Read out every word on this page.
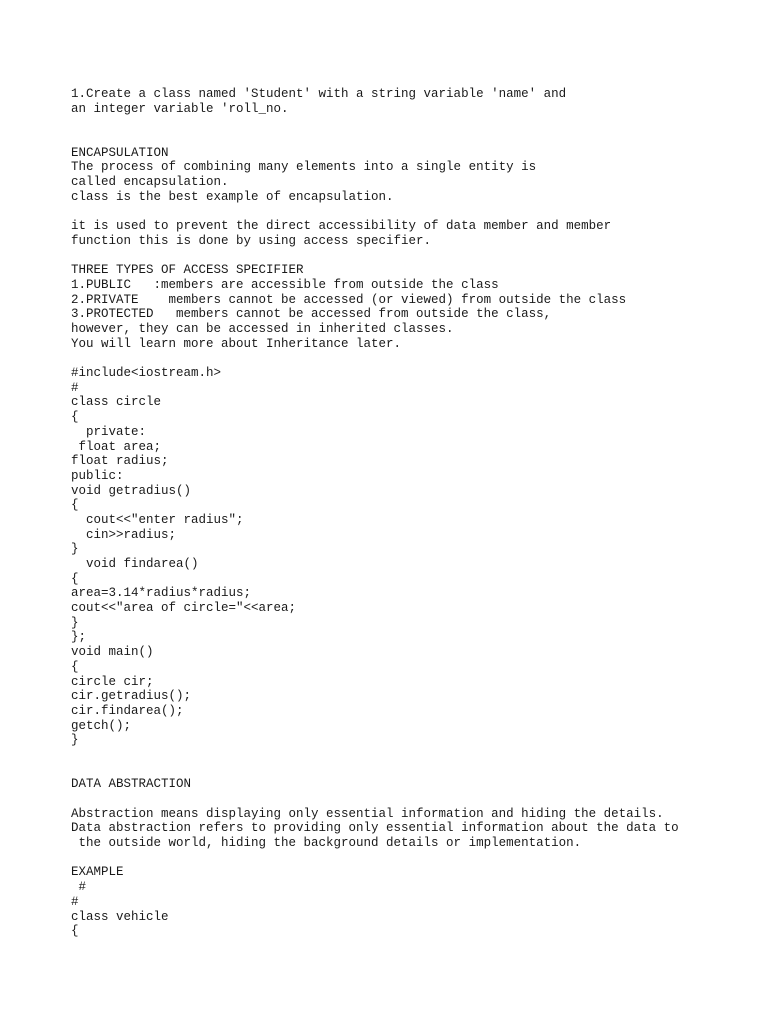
1.Create a class named 'Student' with a string variable 'name' and
an integer variable 'roll_no.
ENCAPSULATION
The process of combining many elements into a single entity is
called encapsulation.
class is the best example of encapsulation.
it is used to prevent the direct accessibility of data member and member
function this is done by using access specifier.
THREE TYPES OF ACCESS SPECIFIER
1.PUBLIC   :members are accessible from outside the class
2.PRIVATE    members cannot be accessed (or viewed) from outside the class
3.PROTECTED   members cannot be accessed from outside the class,
however, they can be accessed in inherited classes.
You will learn more about Inheritance later.
#include<iostream.h>
#
class circle
{
private:
float area;
float radius;
public:
void getradius()
{
cout<<"enter radius";
cin>>radius;
}
void findarea()
{
area=3.14*radius*radius;
cout<<"area of circle="<<area;
}
};
void main()
{
circle cir;
cir.getradius();
cir.findarea();
getch();
}
DATA ABSTRACTION
Abstraction means displaying only essential information and hiding the details.
Data abstraction refers to providing only essential information about the data to
the outside world, hiding the background details or implementation.
EXAMPLE
#
#
class vehicle
{
